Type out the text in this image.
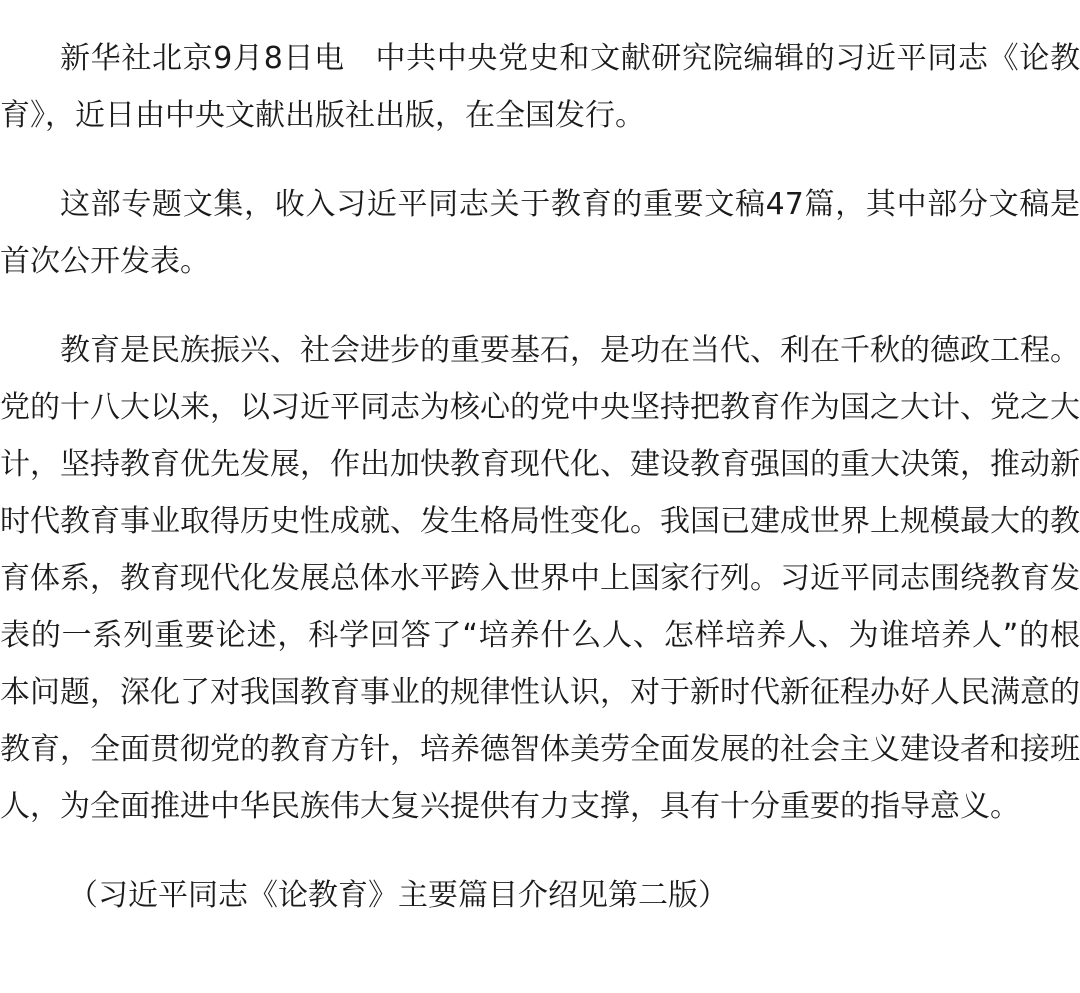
新华社北京9月8日电　中共中央党史和文献研究院编辑的习近平同志《论教育》，近日由中央文献出版社出版，在全国发行。

这部专题文集，收入习近平同志关于教育的重要文稿47篇，其中部分文稿是首次公开发表。

教育是民族振兴、社会进步的重要基石，是功在当代、利在千秋的德政工程。党的十八大以来，以习近平同志为核心的党中央坚持把教育作为国之大计、党之大计，坚持教育优先发展，作出加快教育现代化、建设教育强国的重大决策，推动新时代教育事业取得历史性成就、发生格局性变化。我国已建成世界上规模最大的教育体系，教育现代化发展总体水平跨入世界中上国家行列。习近平同志围绕教育发表的一系列重要论述，科学回答了“培养什么人、怎样培养人、为谁培养人”的根本问题，深化了对我国教育事业的规律性认识，对于新时代新征程办好人民满意的教育，全面贯彻党的教育方针，培养德智体美劳全面发展的社会主义建设者和接班人，为全面推进中华民族伟大复兴提供有力支撑，具有十分重要的指导意义。

（习近平同志《论教育》主要篇目介绍见第二版）
